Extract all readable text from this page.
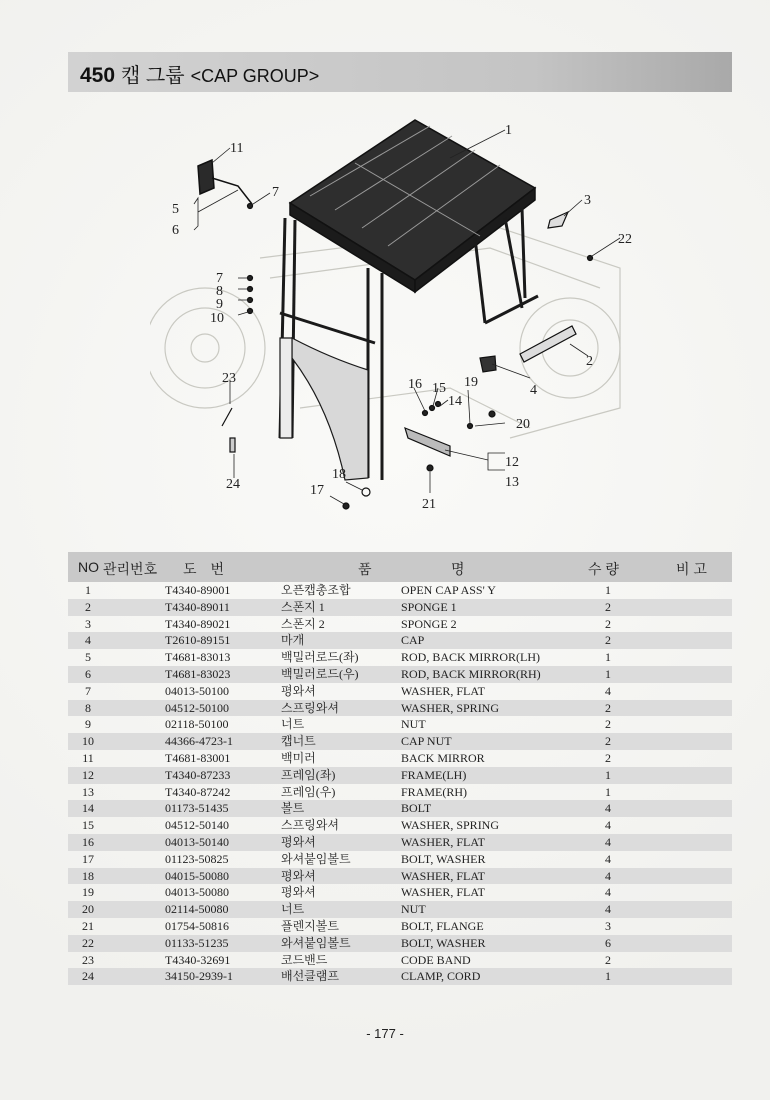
450 캡 그룹 <CAP GROUP>
1
2
3
4
5
6
7
7
8
9
10
11
12
13
14
15
16
17
18
19
20
21
22
23
24
NO 관리번호 도　번	품	명	수 량	비 고
1	T4340-89001	오픈캡총조합	OPEN CAP ASS' Y	1
2	T4340-89011	스폰지 1	SPONGE 1	2
3	T4340-89021	스폰지 2	SPONGE 2	2
4	T2610-89151	마개	CAP	2
5	T4681-83013	백밀러로드(좌)	ROD, BACK MIRROR(LH)	1
6	T4681-83023	백밀러로드(우)	ROD, BACK MIRROR(RH)	1
7	04013-50100	평와셔	WASHER, FLAT	4
8	04512-50100	스프링와셔	WASHER, SPRING	2
9	02118-50100	너트	NUT	2
10	44366-4723-1	캡너트	CAP NUT	2
11	T4681-83001	백미러	BACK MIRROR	2
12	T4340-87233	프레임(좌)	FRAME(LH)	1
13	T4340-87242	프레임(우)	FRAME(RH)	1
14	01173-51435	볼트	BOLT	4
15	04512-50140	스프링와셔	WASHER, SPRING	4
16	04013-50140	평와셔	WASHER, FLAT	4
17	01123-50825	와셔붙임볼트	BOLT, WASHER	4
18	04015-50080	평와셔	WASHER, FLAT	4
19	04013-50080	평와셔	WASHER, FLAT	4
20	02114-50080	너트	NUT	4
21	01754-50816	플렌지볼트	BOLT, FLANGE	3
22	01133-51235	와셔붙임볼트	BOLT, WASHER	6
23	T4340-32691	코드밴드	CODE BAND	2
24	34150-2939-1	배선클램프	CLAMP, CORD	1
- 177 -
